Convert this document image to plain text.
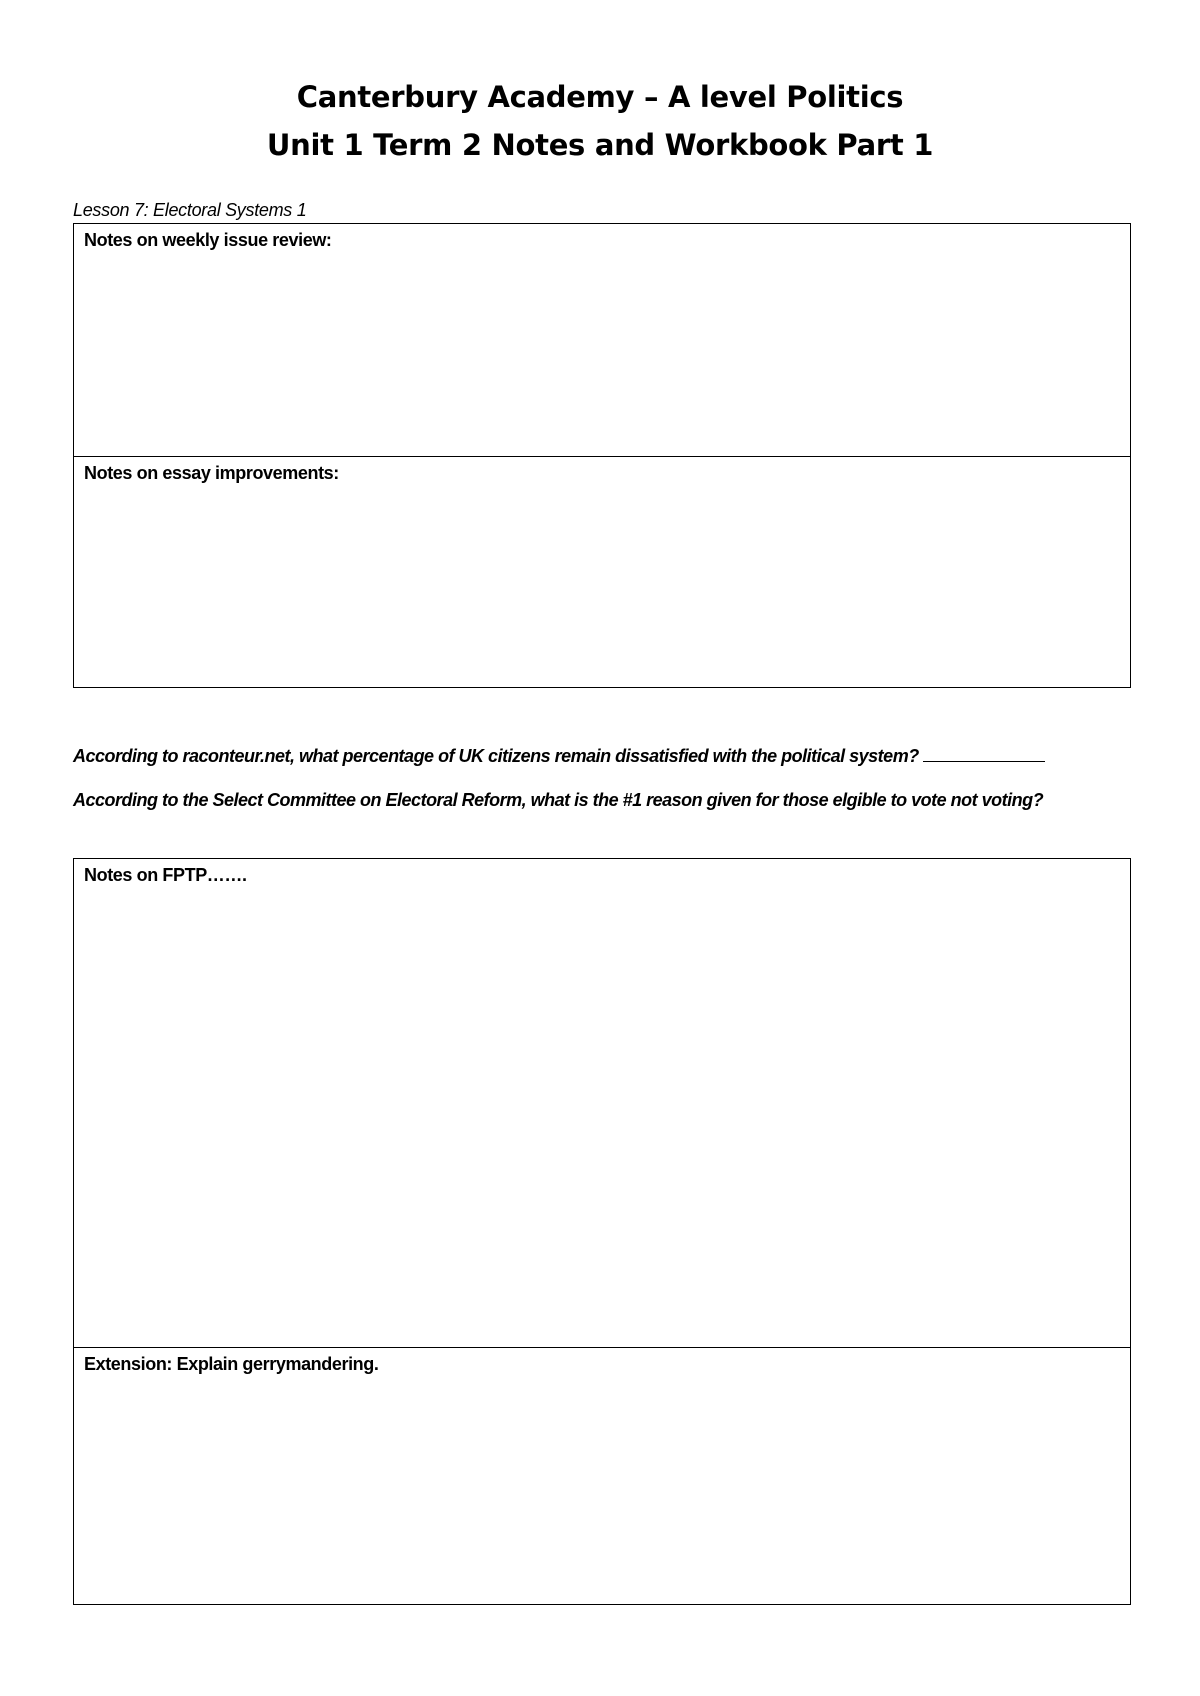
Canterbury Academy – A level Politics
Unit 1 Term 2 Notes and Workbook Part 1
Lesson 7: Electoral Systems 1
Notes on weekly issue review:
Notes on essay improvements:
According to raconteur.net, what percentage of UK citizens remain dissatisfied with the political system?
According to the Select Committee on Electoral Reform, what is the #1 reason given for those elgible to vote not voting?
Notes on FPTP…….
Extension: Explain gerrymandering.
